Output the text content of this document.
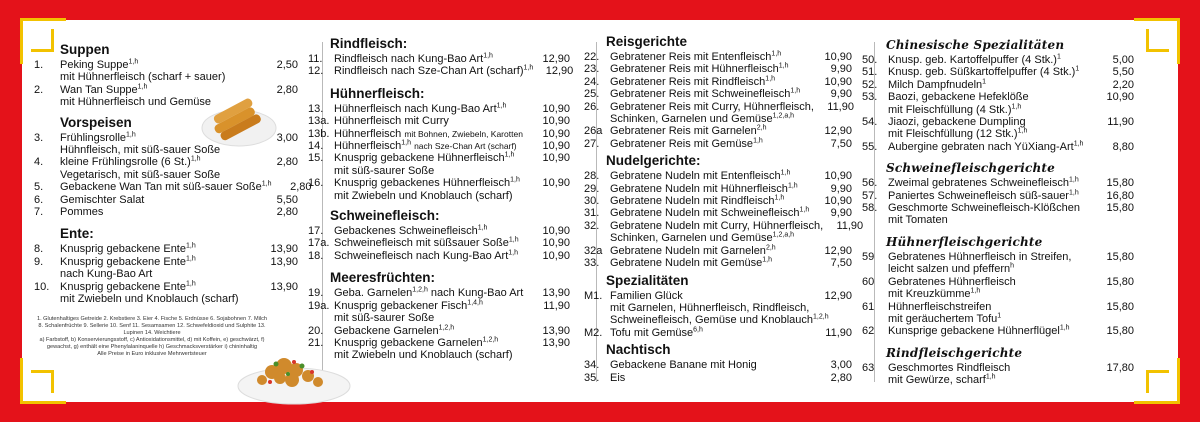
Suppen
1.	Peking Suppe$^{1,h}$	2,50
mit Hühnerfleisch (scharf + sauer)
2.	Wan Tan Suppe$^{1,h}$	2,80
mit Hühnerfleisch und Gemüse
Vorspeisen
3.	Frühlingsrolle$^{1,h}$	3,00
Hühnfleisch, mit süß-sauer Soße
4.	kleine Frühlingsrolle (6 St.)$^{1,h}$	2,80
Vegetarisch, mit süß-sauer Soße
5.	Gebackene Wan Tan mit süß-sauer Soße$^{1,h}$	2,80
6.	Gemischter Salat	5,50
7.	Pommes	2,80
Ente:
8.	Knusprig gebackene Ente$^{1,h}$	13,90
9.	Knusprig gebackene Ente$^{1,h}$	13,90
nach Kung-Bao Art
10. Knusprig gebackene Ente$^{1,h}$	13,90
mit Zwiebeln und Knoblauch (scharf)
1. Glutenhaltiges Getreide 2. Krebstiere 3. Eier 4. Fische 5. Erdnüsse 6. Sojabohnen 7. Milch 8. Schalenfrüchte 9. Sellerie 10. Senf 11. Sesamsamen 12. Schwefeldioxid und Sulphite 13. Lupinen 14. Weichtiere
a) Farbstoff, b) Konservierungsstoff, c) Antioxidationsmittel, d) mit Koffein, e) geschwärzt, f) gewachst, g) enthält eine Phenylalaninquelle h) Geschmacksverstärker i) chininhaltig
Alle Preise in Euro inklusive Mehrwertsteuer
Rindfleisch:
11.	Rindfleisch nach Kung-Bao Art$^{1,h}$	12,90
12. Rindfleisch nach Sze-Chan Art (scharf)$^{1,h}$	12,90
Hühnerfleisch:
13. Hühnerfleisch nach Kung-Bao Art$^{1,h}$	10,90
13a. Hühnerfleisch mit Curry	10,90
13b. Hühnerfleisch mit Bohnen, Zwiebeln, Karotten	10,90
14. Hühnerfleisch$^{1,h}$ nach Sze-Chan Art (scharf)	10,90
15. Knusprig gebackene Hühnerfleisch$^{1,h}$	10,90
mit süß-saurer Soße
16. Knusprig gebackenes Hühnerfleisch$^{1,h}$	10,90
mit Zwiebeln und Knoblauch (scharf)
Schweinefleisch:
17. Gebackenes Schweinefleisch$^{1,h}$	10,90
17a. Schweinefleisch mit süßsauer Soße$^{1,h}$	10,90
18. Schweinefleisch nach Kung-Bao Art$^{1,h}$	10,90
Meeresfrüchten:
19. Geba. Garnelen$^{1,2,h}$ nach Kung-Bao Art	13,90
19a. Knusprig gebackener Fisch$^{1,4,h}$	11,90
mit süß-saurer Soße
20. Gebackene Garnelen$^{1,2,h}$	13,90
21. Knusprig gebackene Garnelen$^{1,2,h}$	13,90
mit Zwiebeln und Knoblauch (scharf)
Reisgerichte
22. Gebratener Reis mit Entenfleisch$^{1,h}$	10,90
23. Gebratener Reis mit Hühnerfleisch$^{1,h}$	9,90
24. Gebratener Reis mit Rindfleisch$^{1,h}$	10,90
25. Gebratener Reis mit Schweinefleisch$^{1,h}$	9,90
26. Gebratener Reis mit Curry, Hühnerfleisch,	11,90
Schinken, Garnelen und Gemüse$^{1,2,a,h}$
26a Gebratener Reis mit Garnelen$^{2,h}$	12,90
27. Gebratener Reis mit Gemüse$^{1,h}$	7,50
Nudelgerichte:
28. Gebratene Nudeln mit Entenfleisch$^{1,h}$	10,90
29. Gebratene Nudeln mit Hühnerfleisch$^{1,h}$	9,90
30. Gebratene Nudeln mit Rindfleisch$^{1,h}$	10,90
31. Gebratene Nudeln mit Schweinefleisch$^{1,h}$	9,90
32. Gebratene Nudeln mit Curry, Hühnerfleisch,	11,90
Schinken, Garnelen und Gemüse$^{1,2,a,h}$
32a Gebratene Nudeln mit Garnelen$^{2,h}$	12,90
33. Gebratene Nudeln mit Gemüse$^{1,h}$	7,50
Spezialitäten
M1. Familien Glück	12,90
mit Garnelen, Hühnerfleisch, Rindfleisch,
Schweinefleisch, Gemüse und Knoblauch$^{1,2,h}$
M2. Tofu mit Gemüse$^{6,h}$	11,90
Nachtisch
34. Gebackene Banane mit Honig	3,00
35. Eis	2,80
Chinesische Spezialitäten
50. Knusp. geb. Kartoffelpuffer (4 Stk.)$^1$	5,00
51. Knusp. geb. Süßkartoffelpuffer (4 Stk.)$^1$	5,50
52. Milch Dampfnudeln$^1$	2,20
53. Baozi, gebackene Hefeklöße	10,90
mit Fleischfüllung (4 Stk.)$^{1,h}$
54. Jiaozi, gebackene Dumpling	11,90
mit Fleischfüllung (12 Stk.)$^{1,h}$
55. Aubergine gebraten nach YüXiang-Art$^{1,h}$	8,80
Schweinefleischgerichte
56. Zweimal gebratenes Schweinefleisch$^{1,h}$	15,80
57. Paniertes Schweinefleisch süß-sauer$^{1,h}$	16,80
58. Geschmorte Schweinefleisch-Klößchen	15,80
mit Tomaten
Hühnerfleischgerichte
59	Gebratenes Hühnerfleisch in Streifen,	15,80
leicht salzen und pfeffern$^h$
60	Gebratenes Hühnerfleisch	15,80
mit Kreuzkümme$^{1,h}$
61	Hühnerfleischstreifen	15,80
mit geräuchertem Tofu$^1$
62	Kunsprige gebackene Hühnerflügel$^{1,h}$	15,80
Rindfleischgerichte
63	Geschmortes Rindfleisch	17,80
mit Gewürze, scharf$^{1,h}$
